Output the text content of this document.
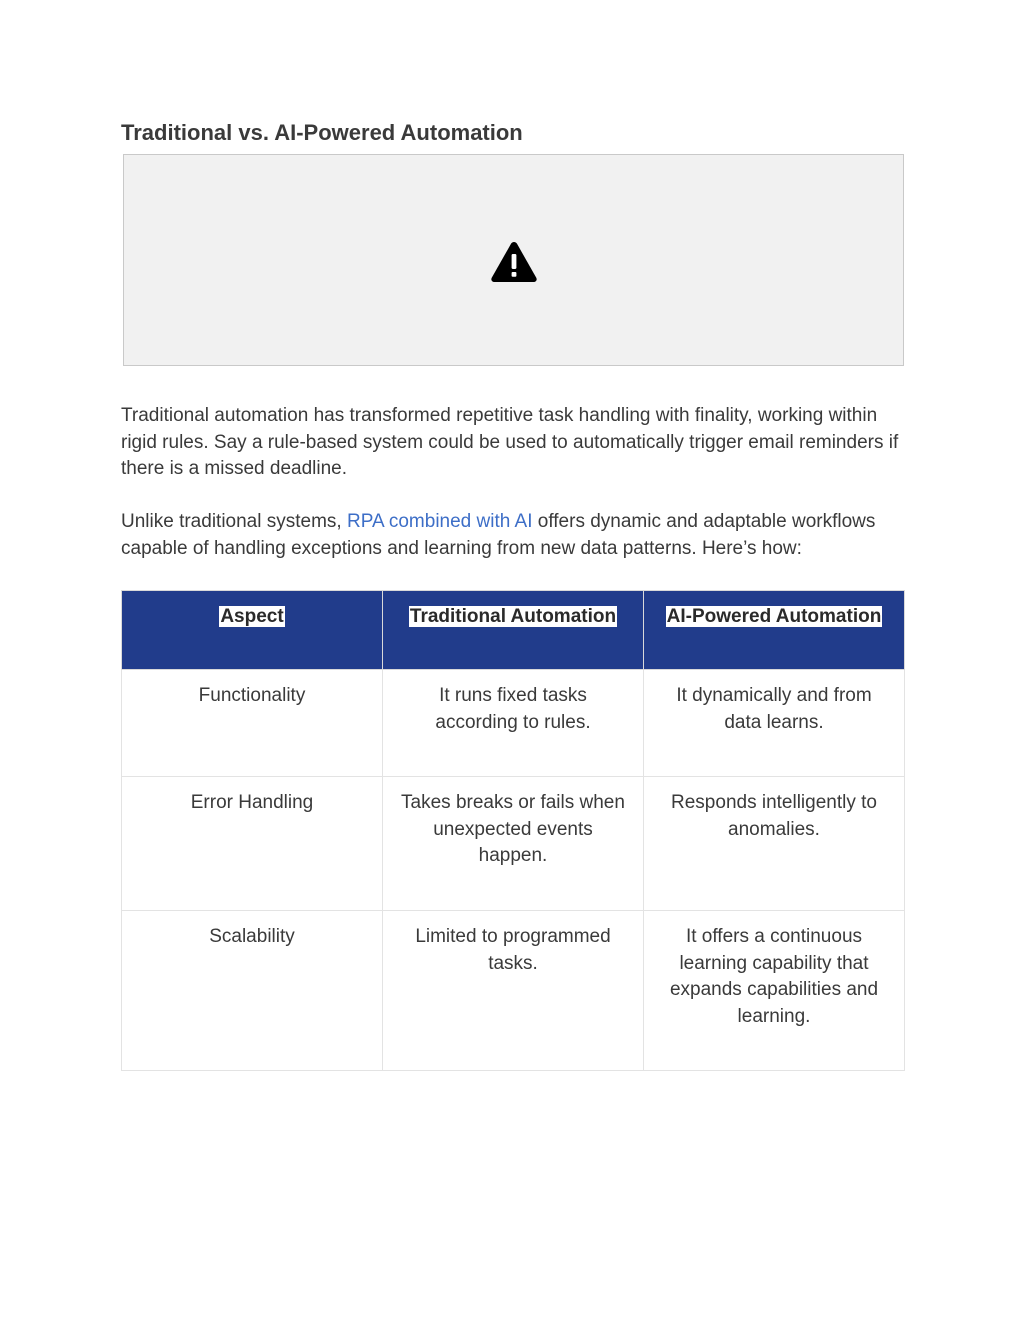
Traditional vs. AI-Powered Automation

Traditional automation has transformed repetitive task handling with finality, working within rigid rules. Say a rule-based system could be used to automatically trigger email reminders if there is a missed deadline.

Unlike traditional systems, RPA combined with AI offers dynamic and adaptable workflows capable of handling exceptions and learning from new data patterns. Here’s how:

Aspect	Traditional Automation	AI-Powered Automation
Functionality	It runs fixed tasks according to rules.	It dynamically and from data learns.
Error Handling	Takes breaks or fails when unexpected events happen.	Responds intelligently to anomalies.
Scalability	Limited to programmed tasks.	It offers a continuous learning capability that expands capabilities and learning.
